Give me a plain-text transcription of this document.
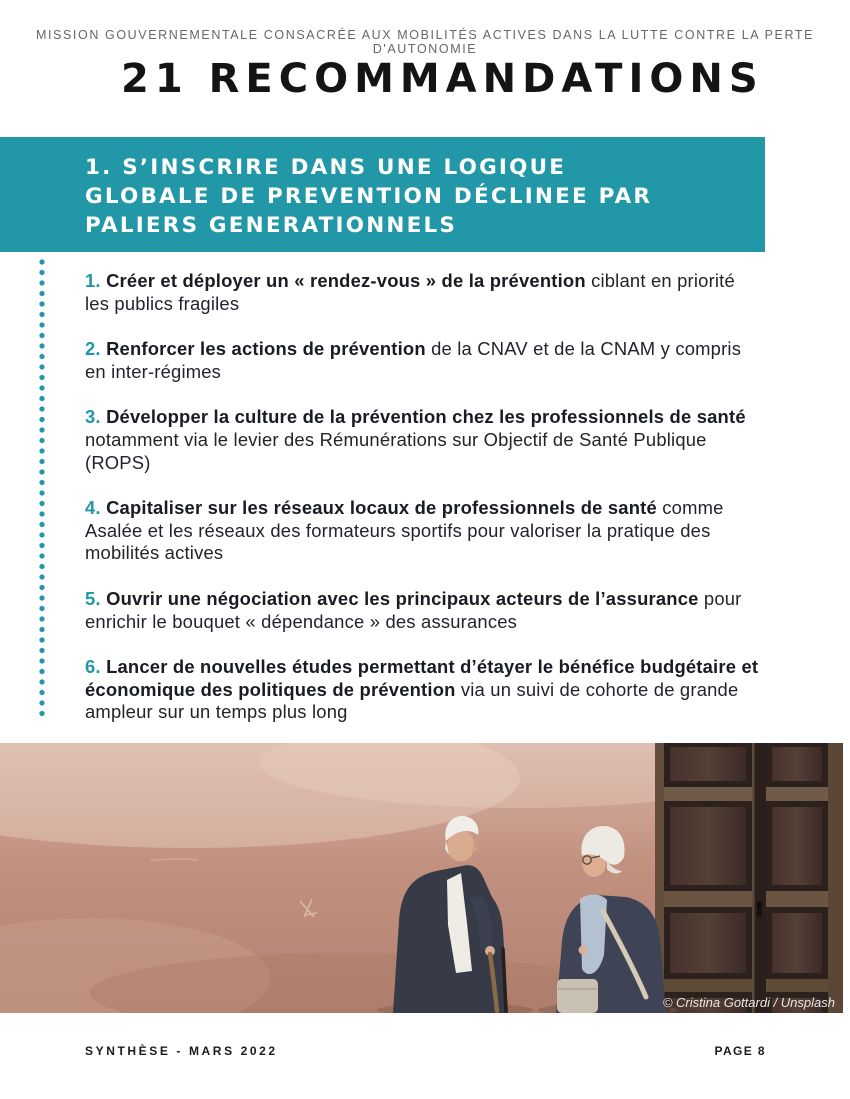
MISSION GOUVERNEMENTALE CONSACRÉE AUX MOBILITÉS ACTIVES DANS LA LUTTE CONTRE LA PERTE D'AUTONOMIE
21 RECOMMANDATIONS
1. S’INSCRIRE DANS UNE LOGIQUE
GLOBALE DE PREVENTION DÉCLINEE PAR
PALIERS GENERATIONNELS

1. Créer et déployer un « rendez-vous » de la prévention ciblant en priorité les publics fragiles

2. Renforcer les actions de prévention de la CNAV et de la CNAM y compris en inter-régimes

3. Développer la culture de la prévention chez les professionnels de santé notamment via le levier des Rémunérations sur Objectif de Santé Publique (ROPS)

4. Capitaliser sur les réseaux locaux de professionnels de santé comme Asalée et les réseaux des formateurs sportifs pour valoriser la pratique des mobilités actives

5. Ouvrir une négociation avec les principaux acteurs de l’assurance pour enrichir le bouquet « dépendance » des assurances

6. Lancer de nouvelles études permettant d’étayer le bénéfice budgétaire et économique des politiques de prévention via un suivi de cohorte de grande ampleur sur un temps plus long

© Cristina Gottardi / Unsplash
SYNTHÈSE - MARS 2022	PAGE 8
